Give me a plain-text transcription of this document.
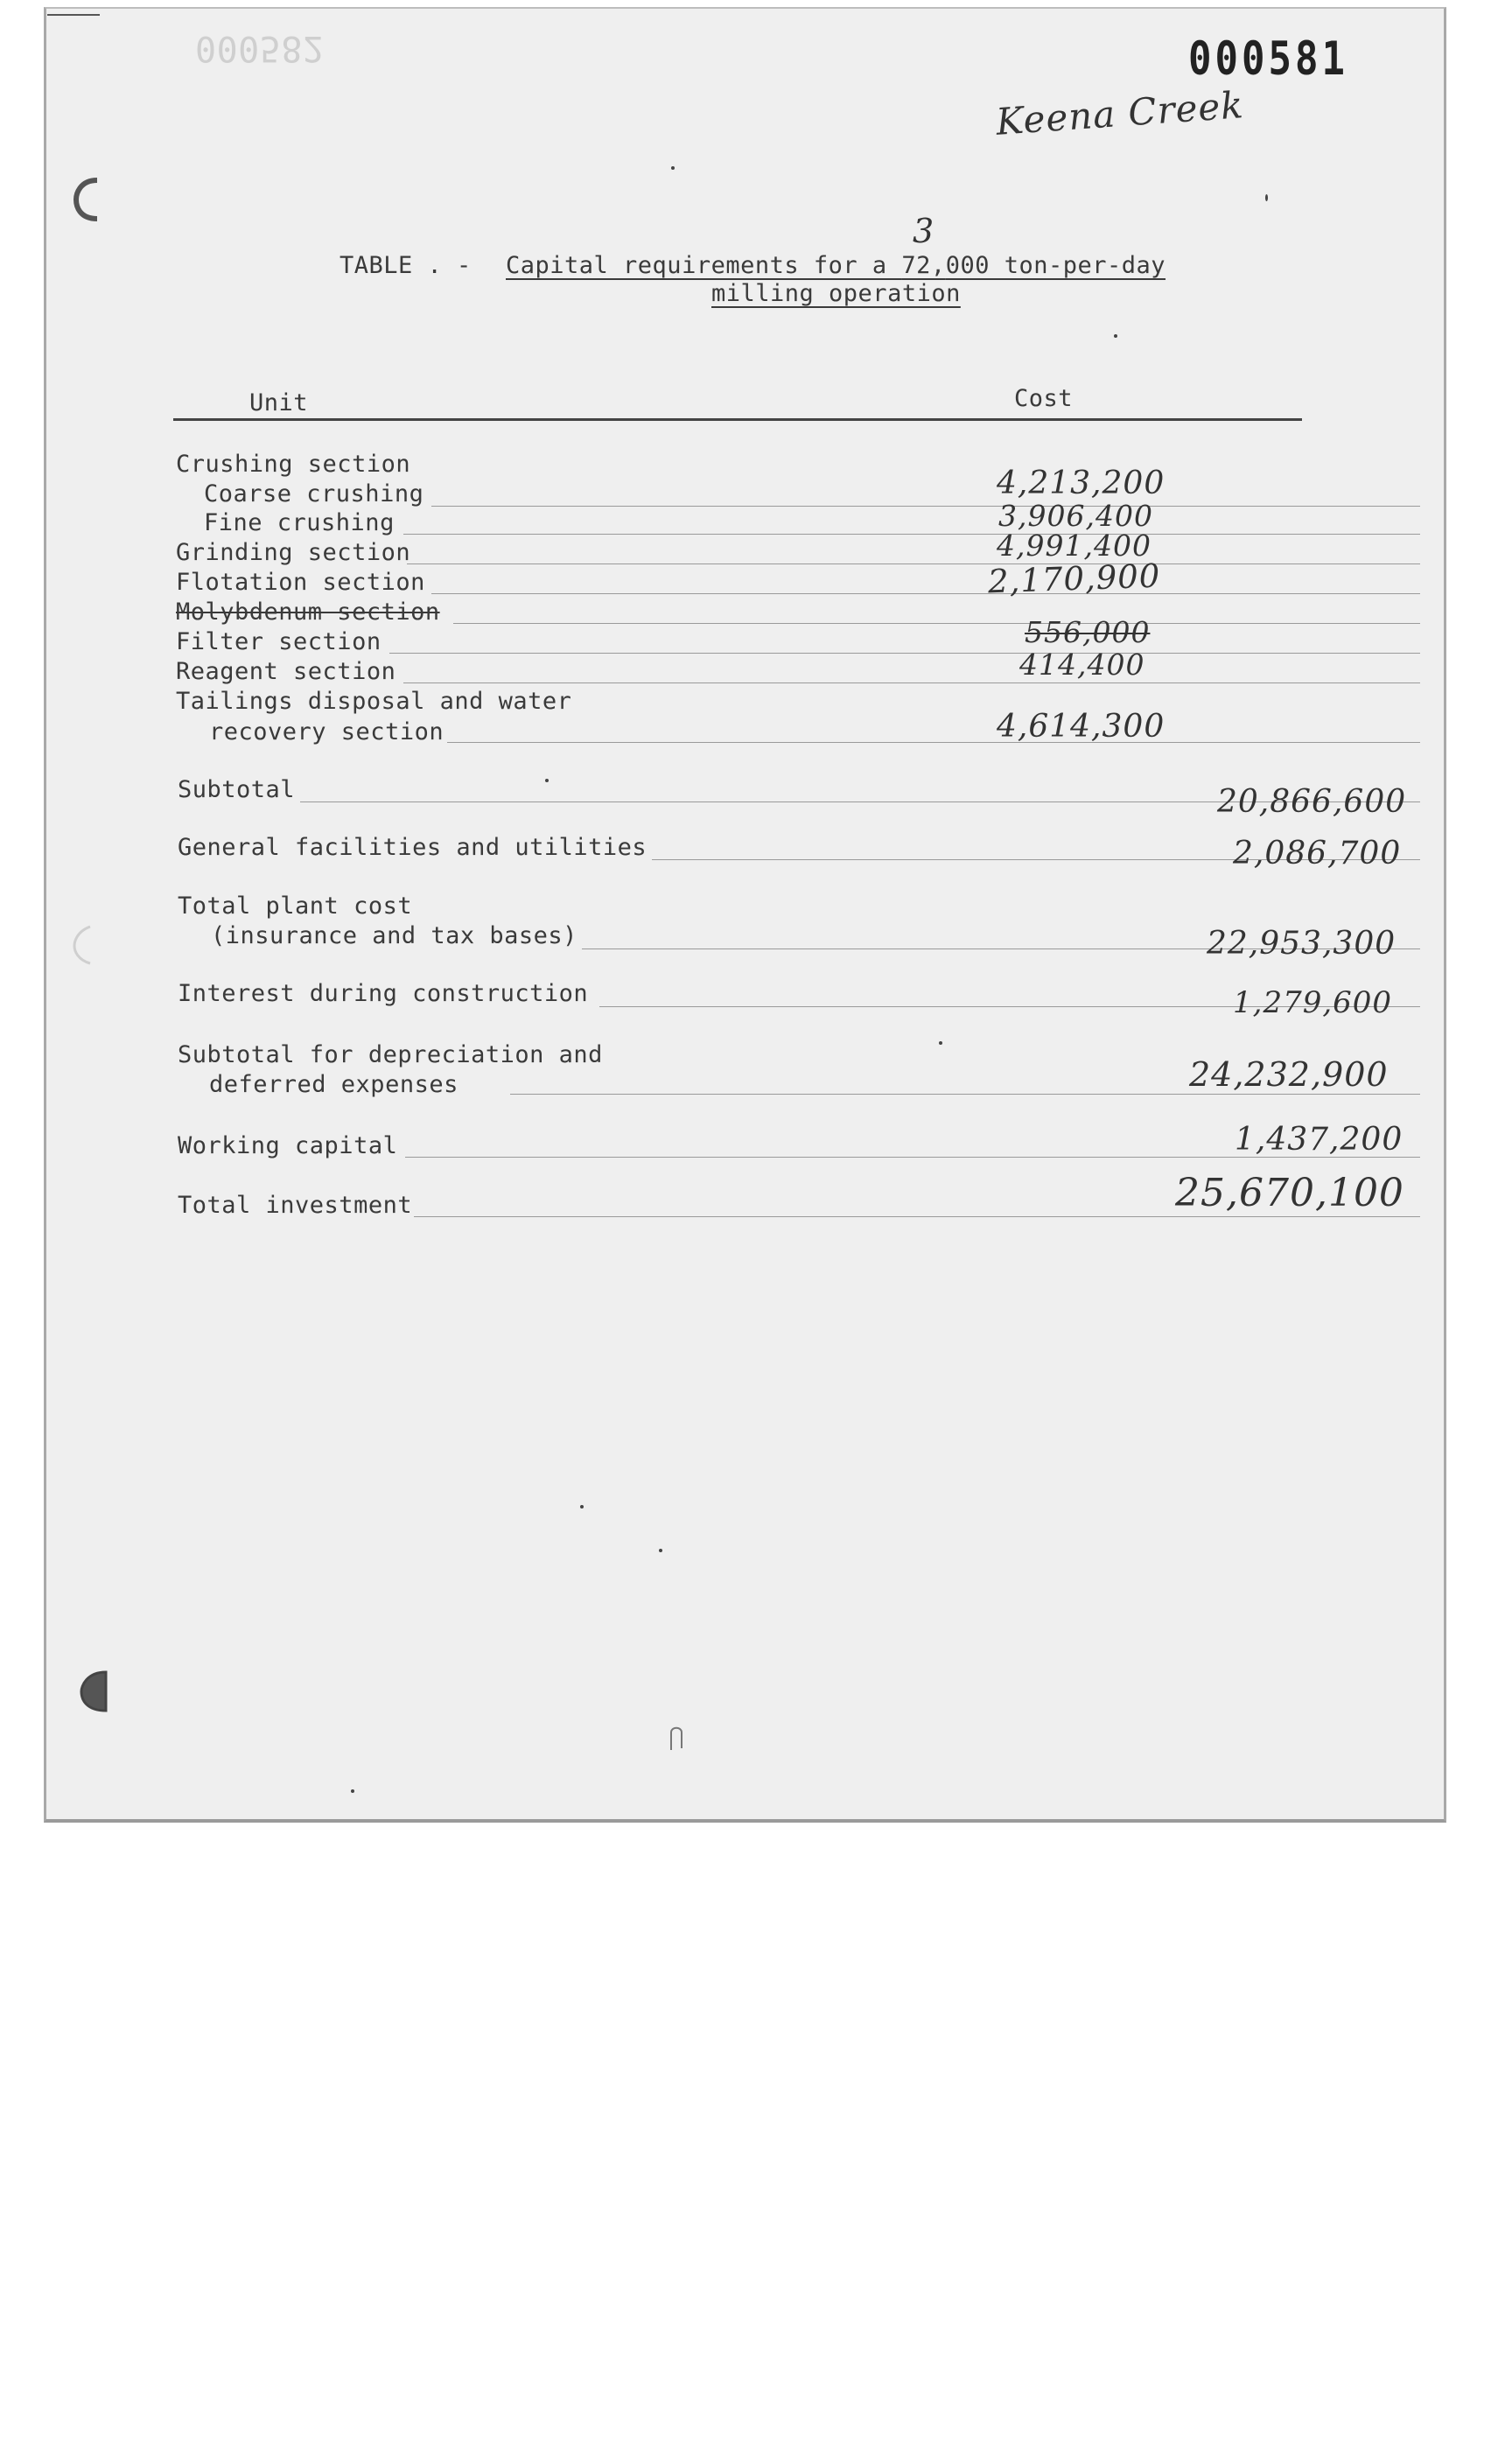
000582	000581
Keena Creek
TABLE . - Capital requirements for a 72,000 ton-per-day
3
milling operation
Unit	Cost
Crushing section
Coarse crushing	4,213,200
Fine crushing	3,906,400
Grinding section	4,991,400
Flotation section	2,170,900
Molybdenum section
Filter section	556,000
Reagent section	414,400
Tailings disposal and water
recovery section	4,614,300
Subtotal	20,866,600
General facilities and utilities	2,086,700
Total plant cost
(insurance and tax bases)	22,953,300
Interest during construction	1,279,600
Subtotal for depreciation and
deferred expenses	24,232,900
Working capital	1,437,200
Total investment	25,670,100
